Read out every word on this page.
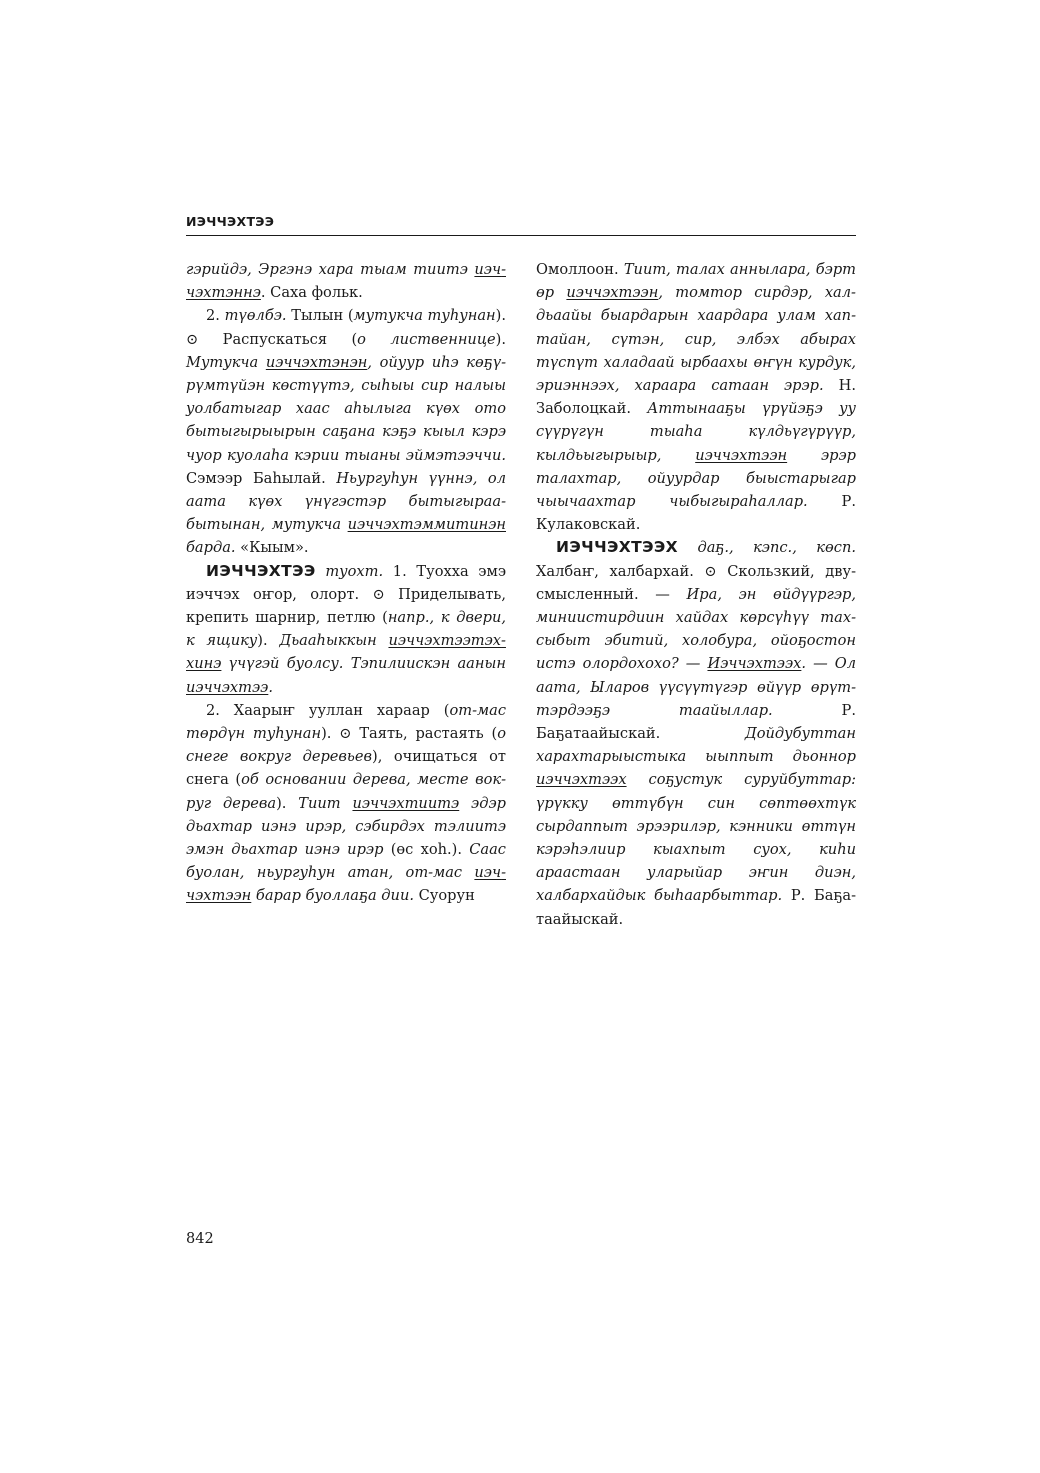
ИЭЧЧЭХТЭЭ

гэрийдэ, Эргэнэ хара тыам тиитэ иэччэхтэннэ. Саха фольк.

2. түөлбэ. Тылын (мутукча туһунан). ⊙ Распускаться (о лиственнице). Мутукча иэччэхтэнэн, ойуур иһэ көҕүрүмтүйэн көстүүтэ, сыһыы сир налыы уолбатыгар хаас аһылыга күөх ото бытыгырыырын саҕана кэҕэ кыыл кэрэ чуор куолаһа кэрии тыаны эймэтээччи. Сэмээр Баһылай. Ньургуһун үүннэ, ол аата күөх үнүгэстэр бытыгыраабытынан, мутукча иэччэхтэммитинэн барда. «Кыым».

ИЭЧЧЭХТЭЭ туохт. 1. Туохха эмэ иэччэх оҥор, олорт. ⊙ Приделывать, крепить шарнир, петлю (напр., к двери, к ящику). Дьааһыккын иэччэхтээтэххинэ үчүгэй буолсу. Тэпилиискэн аанын иэччэхтээ.

2. Хаарыҥ ууллан хараар (от-мас төрдүн туһунан). ⊙ Таять, растаять (о снеге вокруг деревьев), очищаться от снега (об основании дерева, месте вокруг дерева). Тиит иэччэхтиитэ эдэр дьахтар иэнэ ирэр, сэбирдэх тэлиитэ эмэн дьахтар иэнэ ирэр (өс хоһ.). Саас буолан, ньургуһун атан, от-мас иэччэхтээн барар буоллаҕа дии. Суорун

Омоллоон. Тиит, талах аннылара, бэрт өр иэччэхтээн, томтор сирдэр, халдьаайы быардарын хаардара улам хаптайан, сүтэн, сир, элбэх абырах түспүт халадаай ырбаахы өҥүн курдук, эриэннээх, хараара сатаан эрэр. Н. Заболоцкай. Аттынааҕы үрүйэҕэ уу сүүрүгүн тыаһа күлдьүгүрүүр, кылдьыгырыыр, иэччэхтээн эрэр талахтар, ойуурдар быыстарыгар чыычаахтар чыбыгыраһаллар. Р. Кулаковскай.

ИЭЧЧЭХТЭЭХ даҕ., кэпс., көсп. Халбаҥ, халбархай. ⊙ Скользкий, двусмысленный. — Ира, эн өйдүүргэр, миниистирдиин хайдах көрсүһүү тахсыбыт эбитий, холобура, ойоҕостон истэ олордохохо? — Иэччэхтээх. — Ол аата, Ыларов үүсүүтүгэр өйүүр өрүттэрдээҕэ таайыллар. Р. Баҕатаайыскай. Дойдубуттан харахтарыыстыка ыыппыт дьоннор иэччэхтээх соҕустук суруйбуттар: үрүкку өттүбүн син сөптөөхтүк сырдаппыт эрээрилэр, кэнники өттүн кэрэһэлиир кыахпыт суох, киһи араастаан уларыйар эҥин диэн, халбархайдык быһаарбыттар. Р. Баҕатаайыскай.

842
